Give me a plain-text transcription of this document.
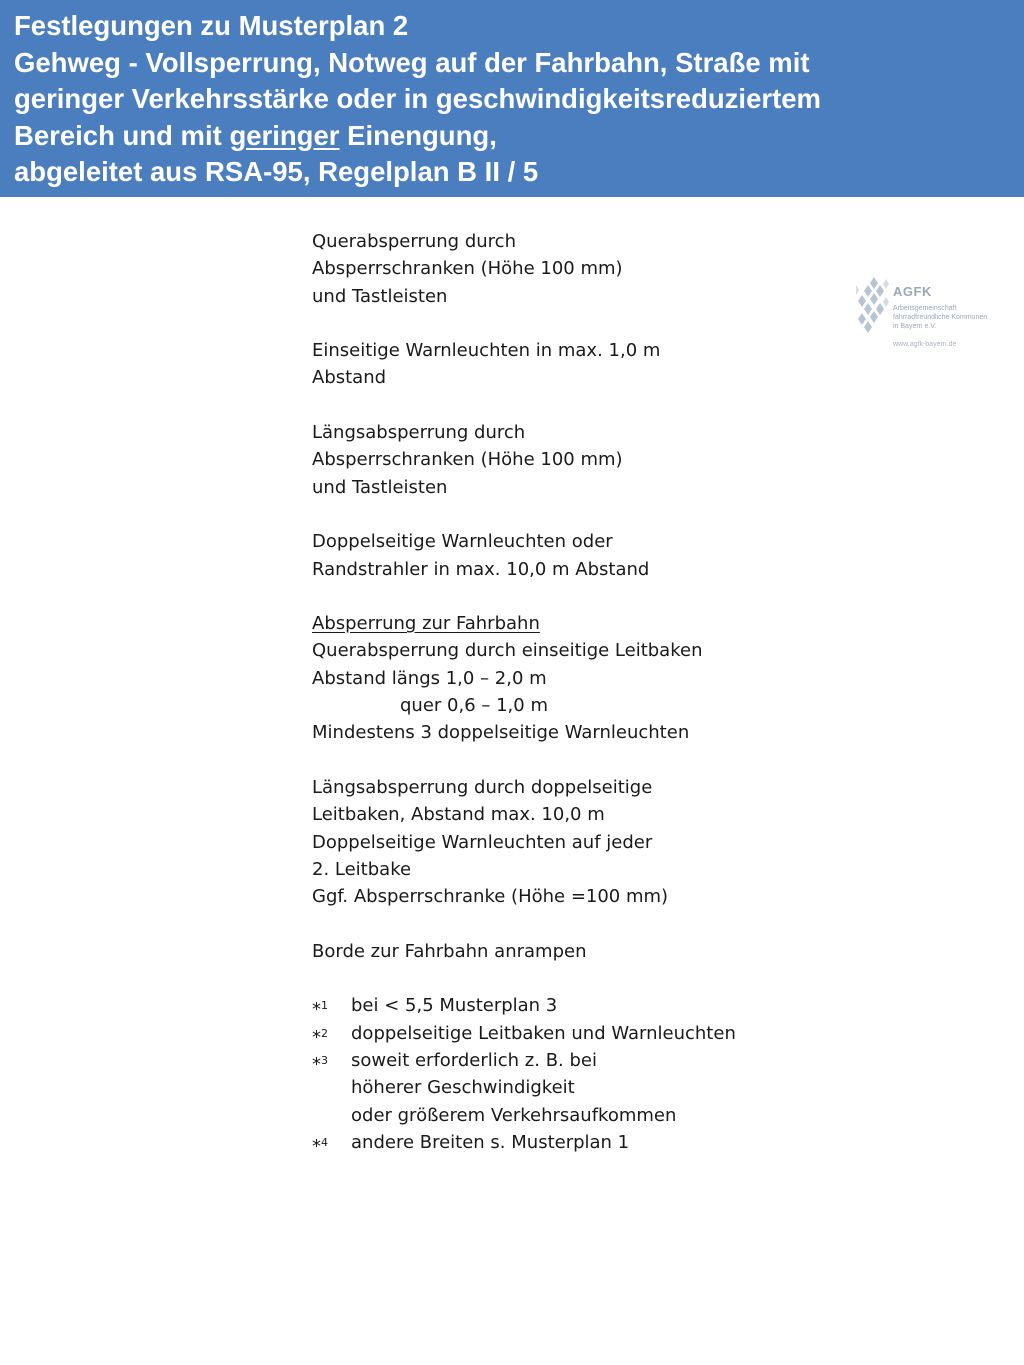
Festlegungen zu Musterplan 2
Gehweg - Vollsperrung, Notweg auf der Fahrbahn, Straße mit
geringer Verkehrsstärke oder in geschwindigkeitsreduziertem
Bereich und mit geringer Einengung,
abgeleitet aus RSA-95, Regelplan B II / 5
AGFK
Arbeitsgemeinschaft
fahrradfreundliche Kommunen
in Bayern e.V.
www.agfk-bayern.de
Querabsperrung durch
Absperrschranken (Höhe 100 mm)
und Tastleisten
Einseitige Warnleuchten in max. 1,0 m
Abstand
Längsabsperrung durch
Absperrschranken (Höhe 100 mm)
und Tastleisten
Doppelseitige Warnleuchten oder
Randstrahler in max. 10,0 m Abstand
Absperrung zur Fahrbahn
Querabsperrung durch einseitige Leitbaken
Abstand längs 1,0 – 2,0 m
quer 0,6 – 1,0 m
Mindestens 3 doppelseitige Warnleuchten
Längsabsperrung durch doppelseitige
Leitbaken, Abstand max. 10,0 m
Doppelseitige Warnleuchten auf jeder
2. Leitbake
Ggf. Absperrschranke (Höhe =100 mm)
Borde zur Fahrbahn anrampen
*$^1$	bei < 5,5 Musterplan 3
*$^2$	doppelseitige Leitbaken und Warnleuchten
*$^3$	soweit erforderlich z. B. bei
höherer Geschwindigkeit
oder größerem Verkehrsaufkommen
*$^4$	andere Breiten s. Musterplan 1
